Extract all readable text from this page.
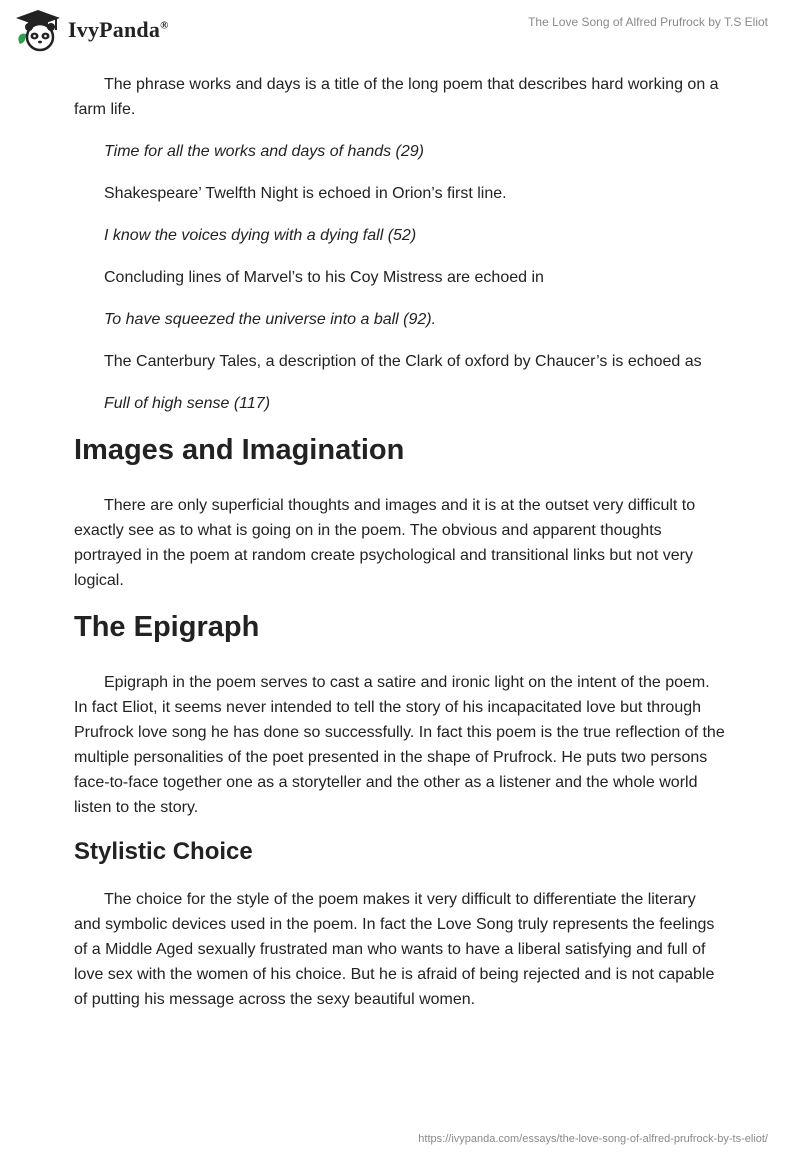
IvyPanda®	The Love Song of Alfred Prufrock by T.S Eliot

The phrase works and days is a title of the long poem that describes hard working on a farm life.

Time for all the works and days of hands (29)

Shakespeare’ Twelfth Night is echoed in Orion’s first line.

I know the voices dying with a dying fall (52)

Concluding lines of Marvel’s to his Coy Mistress are echoed in

To have squeezed the universe into a ball (92).

The Canterbury Tales, a description of the Clark of oxford by Chaucer’s is echoed as

Full of high sense (117)

Images and Imagination

There are only superficial thoughts and images and it is at the outset very difficult to exactly see as to what is going on in the poem. The obvious and apparent thoughts portrayed in the poem at random create psychological and transitional links but not very logical.

The Epigraph

Epigraph in the poem serves to cast a satire and ironic light on the intent of the poem. In fact Eliot, it seems never intended to tell the story of his incapacitated love but through Prufrock love song he has done so successfully. In fact this poem is the true reflection of the multiple personalities of the poet presented in the shape of Prufrock. He puts two persons face-to-face together one as a storyteller and the other as a listener and the whole world listen to the story.

Stylistic Choice

The choice for the style of the poem makes it very difficult to differentiate the literary and symbolic devices used in the poem. In fact the Love Song truly represents the feelings of a Middle Aged sexually frustrated man who wants to have a liberal satisfying and full of love sex with the women of his choice. But he is afraid of being rejected and is not capable of putting his message across the sexy beautiful women.

https://ivypanda.com/essays/the-love-song-of-alfred-prufrock-by-ts-eliot/
